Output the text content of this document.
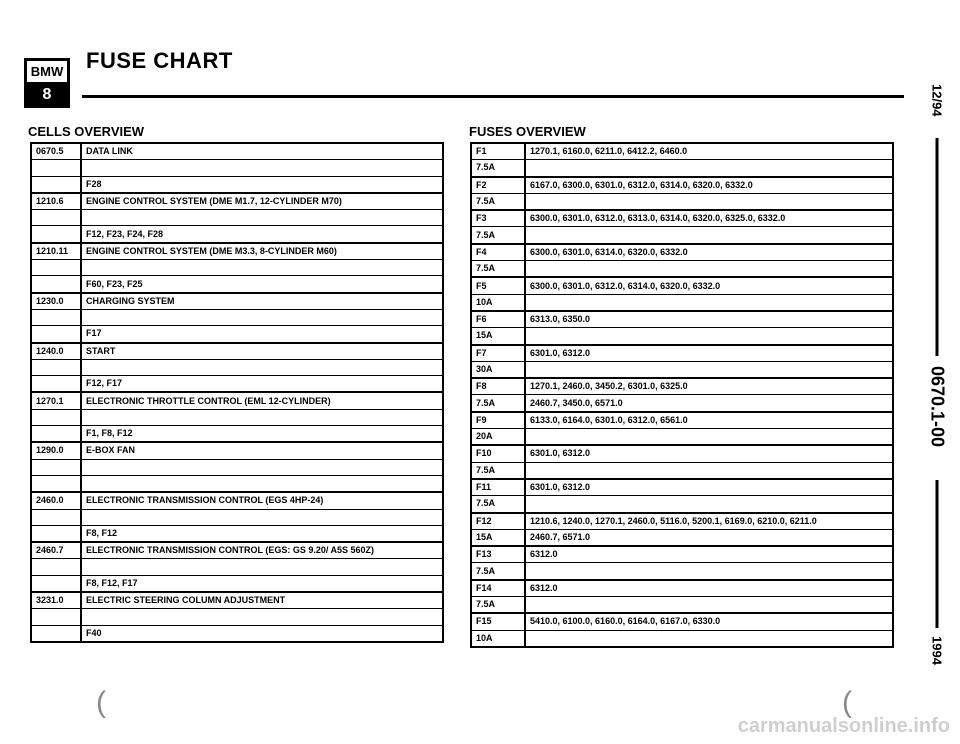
BMW
8
FUSE CHART
12/94
0670.1-00
1994
CELLS OVERVIEW
0670.5	DATA LINK

	F28
1210.6	ENGINE CONTROL SYSTEM (DME M1.7, 12-CYLINDER M70)

	F12, F23, F24, F28
1210.11	ENGINE CONTROL SYSTEM (DME M3.3, 8-CYLINDER M60)

	F60, F23, F25
1230.0	CHARGING SYSTEM

	F17
1240.0	START

	F12, F17
1270.1	ELECTRONIC THROTTLE CONTROL (EML 12-CYLINDER)

	F1, F8, F12
1290.0	E-BOX FAN

2460.0	ELECTRONIC TRANSMISSION CONTROL (EGS 4HP-24)

	F8, F12
2460.7	ELECTRONIC TRANSMISSION CONTROL (EGS: GS 9.20/ A5S 560Z)

	F8, F12, F17
3231.0	ELECTRIC STEERING COLUMN ADJUSTMENT

	F40
FUSES OVERVIEW
F1	1270.1, 6160.0, 6211.0, 6412.2, 6460.0
7.5A	
F2	6167.0, 6300.0, 6301.0, 6312.0, 6314.0, 6320.0, 6332.0
7.5A	
F3	6300.0, 6301.0, 6312.0, 6313.0, 6314.0, 6320.0, 6325.0, 6332.0
7.5A	
F4	6300.0, 6301.0, 6314.0, 6320.0, 6332.0
7.5A	
F5	6300.0, 6301.0, 6312.0, 6314.0, 6320.0, 6332.0
10A	
F6	6313.0, 6350.0
15A	
F7	6301.0, 6312.0
30A	
F8	1270.1, 2460.0, 3450.2, 6301.0, 6325.0
7.5A	2460.7, 3450.0, 6571.0
F9	6133.0, 6164.0, 6301.0, 6312.0, 6561.0
20A	
F10	6301.0, 6312.0
7.5A	
F11	6301.0, 6312.0
7.5A	
F12	1210.6, 1240.0, 1270.1, 2460.0, 5116.0, 5200.1, 6169.0, 6210.0, 6211.0
15A	2460.7, 6571.0
F13	6312.0
7.5A	
F14	6312.0
7.5A	
F15	5410.0, 6100.0, 6160.0, 6164.0, 6167.0, 6330.0
10A	
(	(
carmanualsonline.info
